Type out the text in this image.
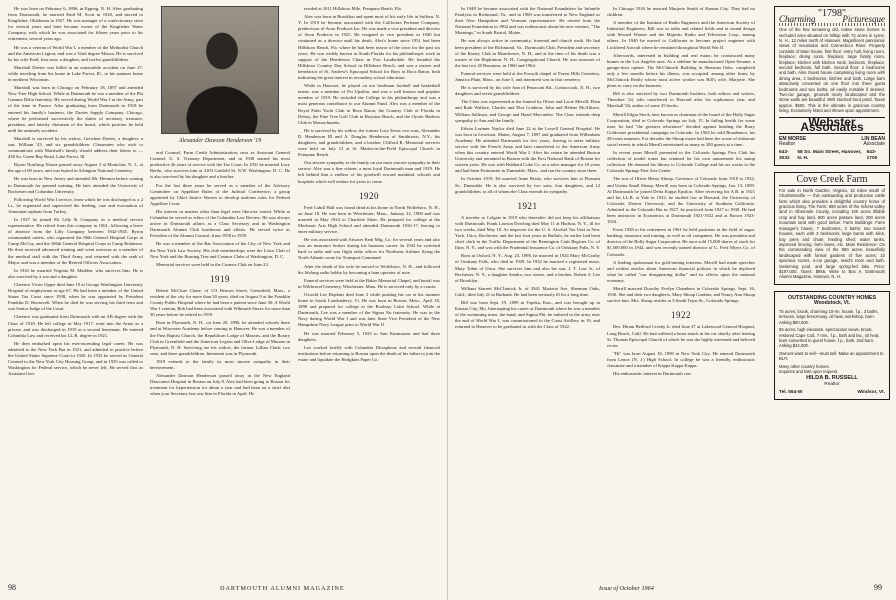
He was born on February 6, 1896, in Epping, N. H. After graduating from Dartmouth, he married Enid M. Scott in 1920, and moved to Kingfisher, Oklahoma in 1927. He was manager of a confectionery store for several years and later became owner of the Kingfisher Water Company, with which he was associated for fifteen years prior to his retirement, several years ago.

He was a veteran of World War I, a member of the Methodist Church and the American Legion; and was a 32nd degree Mason. He is survived by his wife Enid, four sons, a daughter, and twelve grandchildren.

Marshall Davies was killed in an automobile accident on June 27, while traveling from his home in Lake Forest, Ill., to his summer home in northern Wisconsin.

Marshall was born in Chicago on February 18, 1897 and attended New Trier High School. While at Dartmouth he was a member of the Phi Gamma Delta fraternity. He served during World War I in the Army, part of the time in France. After graduating from Dartmouth in 1918 he entered his family's business, the Davies Supply Company, Chicago, where he performed successively the duties of secretary, treasurer, president, and latterly chairman of the board, which position he held until his untimely accident.

Marshall is survived by his widow, Gretchen Davies, a daughter, a son, William '43, and six grandchildren. Classmates who wish to communicate with Marshall's family should address their letters to — 436 So. Green Bay Road, Lake Forest, Ill.

Byron Northrup Noone passed away August 3 at Montclair, N. J., at the age of 69 years, and was buried in Arlington National Cemetery.

He was born in New Jersey and attended Mt. Hermon before coming to Dartmouth for premed training. He later attended the University of Rochester and Columbia University.

Following World War I service, from which he was discharged as a 2 Lt., he organized and supervised the feeding, care and evacuation of Armenian orphans from Turkey.

In 1927 he joined Eli Lilly & Company as a medical service representative. He retired from this company in 1961, following a leave of absence from the Lilly Company between 1942-1945. Byron commanded cadets, who organized the 86th General Hospital Corps at Camp McCoy, and the 186th General Hospital Corps at Camp Robinson. He then received advanced training and went overseas as a member of the medical staff with the Third Army, and returned with the rank of Major, and was a member of the Retired Officers Association.

In 1943 he married Virginia M. Madden, who survives him. He is also survived by a son and a daughter.

Clarence Victor Opper died June 19 at George Washington University Hospital of emphysema at age 67. He had been a member of the United States Tax Court since 1938, when he was appointed by President Franklin D. Roosevelt. When he died he was serving his third term and was Senior Judge of the Court.

Clarence was graduated from Dartmouth with an AB degree with the Class of 1918. He left college in May 1917, went into the Army as a private, and was discharged in 1919 as a second lieutenant. He entered Columbia Law and received his LL.B. degree in 1921.

He then embarked upon his ever-ascending legal career. He was admitted to the New York Bar in 1921, and admitted to practice before the United States Supreme Court in 1926. In 1933 he served as General Counsel to the New York City Housing Group, and in 1935 was called to Washington for Federal service, which he never left. He served first as Assistant Gen-

Alexander Dawson Henderson '19

eral Counsel, Farm Credit Administration; next as Assistant General Counsel, U. S. Treasury Department, and in 1938 started his most productive 26 years of service with the Tax Court. In 1931 he married Lucy Berlin, who survives him at 3103 Garfield St. N.W. Washington, D. C. He is also survived by his daughter and a brother.

For the last three years he served as a member of the Advisory Committee on Appellate Rules of the Judicial Conference, a group appointed by Chief Justice Warren to develop uniform rules for Federal Appellate Court.

His interest in matters other than legal were likewise varied. While at Columbia he served as editor of the Columbia Law Review. He was always active in Dartmouth affairs as a Class Secretary and in Washington Dartmouth Alumni Club luncheons and affairs. He served twice as President of the Alumni Council, from 1958 to 1959.

He was a member of the Bar Association of the City of New York and the New York Law Society. His club memberships were the Lotos Club of New York and the Burning Tree and Cosmos Clubs of Washington, D. C.

Memorial services were held in the Cosmos Club on June 23.

1919

Robert McClure Chase, of 113 Beacon Street, Greenfield, Mass., a resident of the city for more than 30 years, died on August 9 at the Franklin County Public Hospital where he had been a patient since June 30. A World War I veteran, Bob had been associated with Wilmarth Stores for more than 30 years before he retired in 1959.

Born in Plymouth, N. H., on June 28, 1896, he attended schools there and at Worcester Academy before coming to Hanover. He was a member of the First Baptist Church, the Republican Lodge of Masons, and the Rotary Club in Greenfield and the American Legion and Olive Lodge of Masons in Plymouth, N. H. Surviving are his widow, the former Lillian Clark; two sons, and three grandchildren. Interment was in Plymouth.

1919 extends to the family its most sincere sympathy in their bereavement.

Alexander Dawson Henderson passed away in the New England Deaconess Hospital in Boston on July 8. Alex had been going to Boston for treatment for hypertension for about a year and had been on a strict diet when your Secretary last saw him in Florida in April. He

resided at 1011 Hillsboro Mile, Pompano Beach, Fla.

Alex was born in Brooklyn and spent most of his early life in Suffern, N. Y. In 1919 he became associated with the California Perfume Company, predecessor of Avon Products Inc. He was made a vice president and director of Avon Products in 1925. He resigned as vice president in 1940 but continued as a director until his death. Alex's home since 1951 had been Hillsboro Beach, Fla. where he had been mayor of the town for the past six years. He was widely known in South Florida for his philanthropic work in support of the Henderson Clinic in Fort Lauderdale. He founded the Hillsboro Country Day School in Hillsboro Beach, and was a trustee and benefactor of St. Andrew's Episcopal School for Boys in Boca Raton, both indicating his great interest in secondary school education.

While in Hanover, he played on our freshman football and basketball teams, was a member of Psi Upsilon, and was a well known and popular member of 1919. He included the College in his philanthropy and was a most generous contributor to our Alumni Fund. Alex was a member of the Royal Palm Yacht Club in Boca Raton, the Country Club of Florida in Delray, the Pine Tree Golf Club in Boynton Beach, and the Oyster Harbors Club in Massachusetts.

He is survived by his widow, the former Lucy Ernst; two sons, Alexander D. Henderson III and A. Douglas Henderson of Smithtown, N.Y.; his daughters, and grandchildren, and a brother, Clifford R. Memorial services were held on July 13 at St. Martin-in-the-Field Episcopal Church in Pompano Beach.

Our sincere sympathy to the family on our most sincere sympathy in their sorrow. Alex was a fine citizen, a most loyal Dartmouth man and 1919. He left behind him a endless of his goodwill toward mankind, schools and hospitals which will endure for years to come.

1920

Fred Cahill Hall was found dead at his home in North Wolfeboro, N. H., on June 18. He was born in Winchester, Mass., January 22, 1900 and was married in May 1924 to Charlotte Shaw. He prepared for college at the Mechanic Arts High School and attended Dartmouth 1916-17, leaving to enter military service.

He was associated with Atwater Kent Mfg. Co. for several years and also was an insurance broker during his business career. In 1942 he switched back to radio and was flight radio officer for Northeast Airlines flying the North Atlantic route for Transport Command.

After the death of his wife he moved to Wolfeboro, N. H., and followed his lifelong radio hobby by becoming a ham operator of note.

Funeral services were held at the Baker Memorial Chapel, and burial was in Wildwood Cemetery, Winchester, Mass. He is survived only by a cousin.

Oswald Lee Hopkins died June 2 while pushing his car at his summer home in South Londonderry, Vt. He was born in Boston, Mass., April 18, 1898 and prepared for college at the Roxbury Latin School. While at Dartmouth, Lee was a member of the Sigma Nu fraternity. He was in the Navy during World War I and was later State Vice President of the New Hampshire Navy League prior to World War II.

He was married February 5, 1923 to Ann Rasmussen and had three daughters.

Lee worked briefly with Columbia Dictaphone and several financial institutions before returning to Boston upon the death of his father to join the estate and liquidate the Hodgkins Paper Co.

98	DARTMOUTH ALUMNI MAGAZINE

In 1948 he became associated with the National Foundation for Infantile Paralysis in Richmond, Va., and in 1960 was transferred to New England as their New Hampshire and Vermont representative. He retired from the National Foundation in 1962 and was enthusiastic about his new venture, "The Mornings," in South Bristol, Maine.

He was always active in community, fraternal and church work. He had been president of the Richmond, Va., Dartmouth Club, President and secretary of the Rotary Club in Manchester, N. H., and at the time of his death was a trustee of the Hopkinton, N. H., Congregational Church. He was treasurer of the last two 20 Reunions, in 1960 and 1964.

Funeral services were held at the Forsyth chapel of Forest Hills Cemetery, Jamaica Plain, Mass., on June 5, and interment was in that cemetery.

He is survived by his wife Ann of Penacook Rd., Contoocook, N. H., two daughters and seven grandchildren.

The Class was represented at the funeral by Oliver and Lacie Merrill, Eben and Ruth Wallace, Charles and Elsa Crathern, John and Helene McAllister, William Sullivan, and George and Hazel Macomber. The Class extends deep sympathy to Ann and the family.

Edwin Lorimer Naylor died June 22 at the Lowell General Hospital. He was born in Lewiston, Maine, August 7, 1897 and graduated from Wilbraham Academy. He attended Dartmouth for two years, leaving to enter military service with the French Army and later transferred to the American Army when this country entered World War I. After his return he attended Boston University and remained in Boston with the First National Bank of Boston for sixteen years. He was with Hubbard Coke Co. as a sales manager for 18 years and had been Postmaster in Dunstable, Mass., and ran the country store there.

In October 1919, Ed married Anne Brady, who survives him at Pleasant St., Dunstable. He is also survived by two sons, four daughters, and 12 grandchildren, to all of whom the Class extends its sympathy.

1921

A traveler to Colgate in 1919 who thereafter did not keep his affiliations with Dartmouth, Frank Lawton Dowling died May 11 at Hudson, N. Y., ill for two weeks, died May 10. As inspector for the U. S. Alcohol Tax Unit in New York, Utica, Rochester, and the last four years in Buffalo, he earlier had been chief clerk in the Traffic Department of the Remington Cash Register Co. of Ilion, N. Y., and was with the Prudential Insurance Co. of Oriskany Falls, N. Y.

Born in Oxford, N. Y., Aug. 23, 1898, he married in 1924 Mary McCarthy of Oriskany Falls, who died in 1929. In 1932 he married a registered nurse, Mary Tobin of Utica. She survives him and also his son, J. T. Law Jr., of Rochester, N. Y., a daughter Sandra, two sisters, and a brother, Robert S. Lee of Brooklyn.

William Starrett McClintock Jr. of 3941 Marietta Ave, Sherman Oaks, Calif., died July 21 in Burbank. He had been seriously ill for a long time.

Bill was born Sept. 19, 1899 in Topeka, Kan., and was brought up in Kansas City, Mo. Interrupting his career at Dartmouth where he was a member of the swimming team, the band, and Sigma Phi, he enlisted in the army near the end of World War I, was commissioned in the Coast Artillery in 19, and returned to Hanover to be graduated as with the Class of 1922.

In Chicago 1926 he married Marjorie Smith of Kansas City. They had no children.

A member of the Institute of Radio Engineers and the American Society of Industrial Engineers, Bill was in radio and related fields and in sound design with Seward Warner and the Majestic Radio and Television Corp., among others. In 1940 he moved to California to become project engineer with Lockheed Aircraft where he remained throughout World War II.

Afterwards, interested in building and real estate, he constructed many homes in the Los Angeles area. As a sideline he manufactured Open Sesame, a garage-door opener. The McClintock Building in Sherman Oaks, completed only a few months before his illness, was occupied, among other firms, by McClintock Realty whose most active worker was Bill's wife, Marjorie. She plans to carry on the business.

Bill is also survived by two Dartmouth brothers, both editors and writers, Theodore '24, who transferred to Harvard after his sophomore year, and Marshall '26, author of some 25 books.

Merrill Edgar Stock, best known as chairman of the board of the Holly Sugar Corporation, died in Colorado Springs on July 15. In failing health for some time, he had "the greatest reluctance" decided against heading the Barry Goldwater presidential campaign in Colorado. In 1963 he sold Broadmoor, his 28-room mansion. For decades the Shoup estate had been the scene of elaborate social events in which Merrill entertained as many as 300 guests at a time.

In recent years Merrill presented to the Colorado Springs Pros Club his collection of model trains but retained for his own amusement his stamp collection. He donated his library to Colorado College and his art works to the Colorado Springs Fine Arts Center.

The son of Oliver Henry Shoup, Governor of Colorado from 1918 to 1922, and Unetta Small Shoup, Merrill was born in Colorado Springs, Jan. 13, 1899. At Dartmouth he joined Delta Kappa Epsilon. After receiving his A.B. in 1921 and his LL.B. at Yale in 1922, he studied law at Harvard, the University of Colorado, Denver University, and the University of Southern California. Admitted to the Colorado Bar in 1927, he practiced from 1927 to 1938. He had been instructor in Economics at Dartmouth 1921-1922 and at Brown 1923-1924.

From 1938 to his retirement in 1961 he held positions in the field of sugar, banking, insurance and mining, as well as oil companies. He was president and director of the Holly Sugar Corporation. He once sold 15,000 shares of stock for $1,500,000 in 1944, and was recently named director of G. Fred Myers Co. of Colorado.

A leading spokesman for gold-mining interests, Merrill had made speeches and written articles about American financial policies in which he deplored what he called "our disappearing dollar" and its effects upon the national economy.

Merrill married Dorothy Evelyn Chambers in Colorado Springs, Sept. 16, 1930. She and their two daughters, Mary Shoup Gardner, and Nancy Ann Shoup survive him. Mrs. Shoup resides at 3 South Tejon St., Colorado Springs.

1922

Rev. Hiram Bedford Crosby Jr. died June 27 at Lakewood General Hospital, Long Beach, Calif. He had suffered a heart attack in his car shortly after leaving St. Thomas Episcopal Church of which he was the highly esteemed and beloved rector.

"Hi" was born August 18, 1899 in New York City. He entered Dartmouth from Lenox (N. J.) High School. In college he was a friendly, enthusiastic classmate and a member of Kappa Kappa Kappa.

His enthusiastic interest in Dartmouth con-

"1798"
Charming	Picturesque
One of the few remaining old, native stone homes in secluded area situated on hilltop with 72 acres in Lyme, N. H., 12 miles north of Hanover. Magnificent panoramic views of mountains and Connecticut River. Property consists of Main house, first floor: entry hall, living room, fireplace; dining room, fireplace; large family room, fireplace; kitchen with kitchen nook; bedroom, fireplace; second bedroom, full bath. Second floor: 2 bedrooms and bath. Also Guest house comprising living room with dining area, 2 bedrooms, kitchen and bath. Large barn attractively converted on one floor into three guest bedrooms and two baths, all easily rentable if desired. Two-car garage, grounds nicely landscaped and the stone walls are beautiful. Well stocked trout pond. Taxes approx. $500. This is the ultimate in gracious country living. Exclusively listed and shown upon appointment.
Webster Associates
EM MORSE	LIN BEAN
Realtor	Associate
643-3032
58 So. Main Street, Hanover, N. H.
643-1700
Cove Creek Farm
For sale in North Garden, Virginia, 15 miles south of Charlottesville — this outstanding and productive cattle farm which also provides a delightful country home of gracious living. The Farm: 890 acres of the richest valley land in Albemarle County, including 100 acres tillable crop and hay land, 600 acres pasture land, 200 acres mountain land with good timber. Farm Buildings: Farm manager's house, 7 bedrooms, 3 baths; two tenant houses, each with 3 bedrooms; large barns with silos, hay pens and chute; feeding shed; water tanks, improved fencing, farm lanes, etc. Main Residence: On the commanding view of the 890 acres, beautifully landscaped with formal gardens of five acres; 10 spacious rooms, 4-car garage, maid's room and bath. Swimming pool, and large spring-fed lake. Price: $197,000. Taxes: $955. Write to Box A, Dartmouth Alumni Magazine, Hanover, N. H.
OUTSTANDING COUNTRY HOMES
Woodstock, Vt.
75 acres, brook, charming 10-rm. house, f.p., 3 baths, terraces, large breezeway, oil heat, workshop, barn. Asking $60,000.
55 acres, high elevation, spectacular views, brook, restored Cape Cod, 7 rms., f.p., bath and lav., oil heat, barn converted to guest house, f.p., bath, 2nd barn. Asking $44,000.
Owners want to sell—must sell. Make an appointment to BUY.
Many other country homes.
Inquiries and lists upon request.
HILDA B. RUSSELL
Realtor
Tel. 554-W	Windsor, Vt.
Issue of October 1964	99
